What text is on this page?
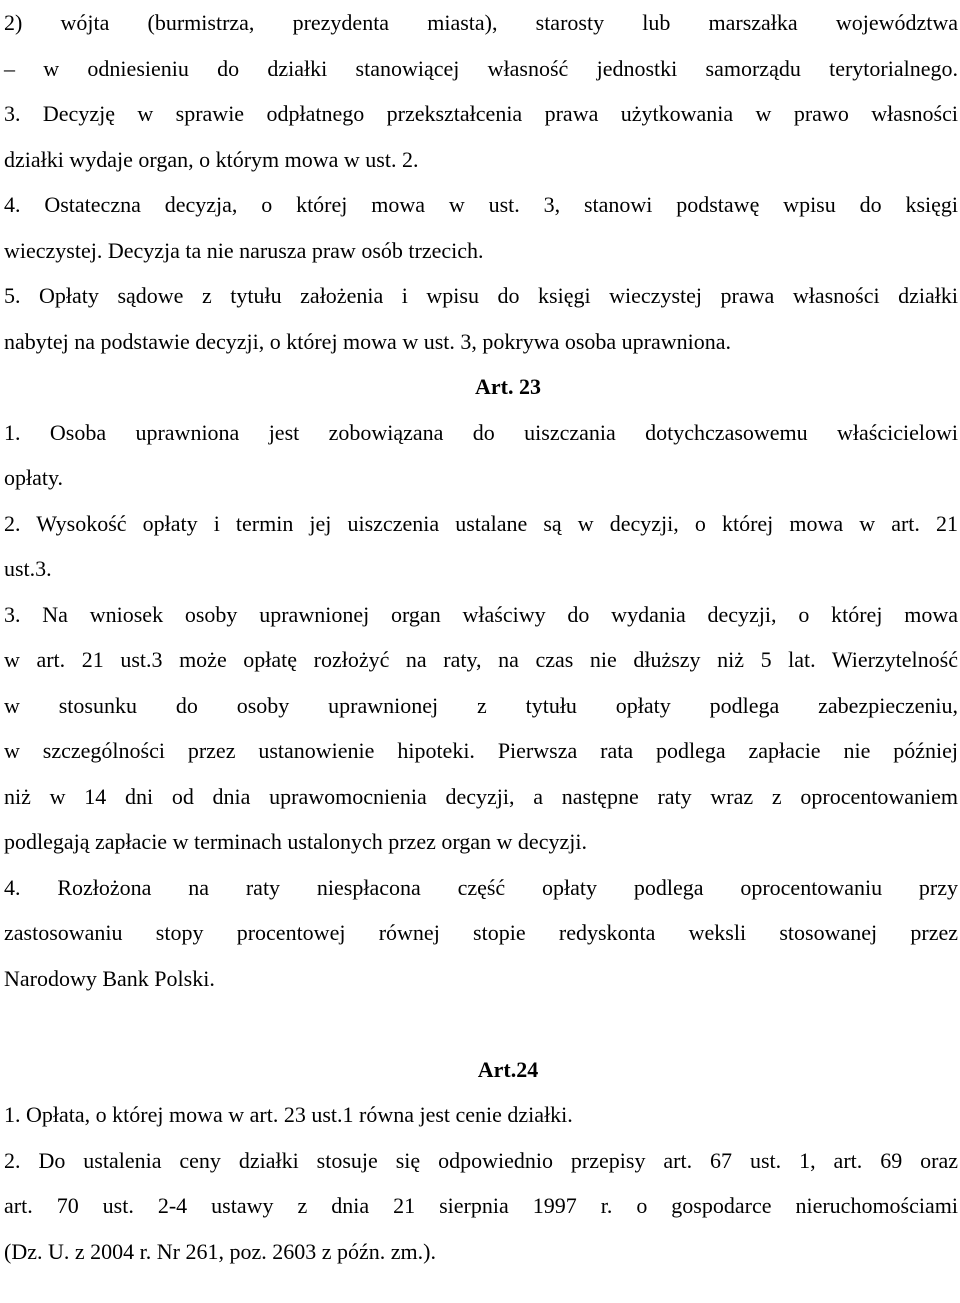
2) wójta (burmistrza, prezydenta miasta), starosty lub marszałka województwa
– w odniesieniu do działki stanowiącej własność jednostki samorządu terytorialnego.
3. Decyzję w sprawie odpłatnego przekształcenia prawa użytkowania w prawo własności
działki wydaje organ, o którym mowa w ust. 2.
4. Ostateczna decyzja, o której mowa w ust. 3, stanowi podstawę wpisu do księgi
wieczystej. Decyzja ta nie narusza praw osób trzecich.
5. Opłaty sądowe z tytułu założenia i wpisu do księgi wieczystej prawa własności działki
nabytej na podstawie decyzji, o której mowa w ust. 3, pokrywa osoba uprawniona.
Art. 23
1. Osoba uprawniona jest zobowiązana do uiszczania dotychczasowemu właścicielowi
opłaty.
2. Wysokość opłaty i termin jej uiszczenia ustalane są w decyzji, o której mowa w art. 21
ust.3.
3. Na wniosek osoby uprawnionej organ właściwy do wydania decyzji, o której mowa
w art. 21 ust.3 może opłatę rozłożyć na raty, na czas nie dłuższy niż 5 lat. Wierzytelność
w stosunku do osoby uprawnionej z tytułu opłaty podlega zabezpieczeniu,
w szczególności przez ustanowienie hipoteki. Pierwsza rata podlega zapłacie nie później
niż w 14 dni od dnia uprawomocnienia decyzji, a następne raty wraz z oprocentowaniem
podlegają zapłacie w terminach ustalonych przez organ w decyzji.
4. Rozłożona na raty niespłacona część opłaty podlega oprocentowaniu przy
zastosowaniu stopy procentowej równej stopie redyskonta weksli stosowanej przez
Narodowy Bank Polski.
Art.24
1. Opłata, o której mowa w art. 23 ust.1 równa jest cenie działki.
2. Do ustalenia ceny działki stosuje się odpowiednio przepisy art. 67 ust. 1, art. 69 oraz
art. 70 ust. 2-4 ustawy z dnia 21 sierpnia 1997 r. o gospodarce nieruchomościami
(Dz. U. z 2004 r. Nr 261, poz. 2603 z późn. zm.).
